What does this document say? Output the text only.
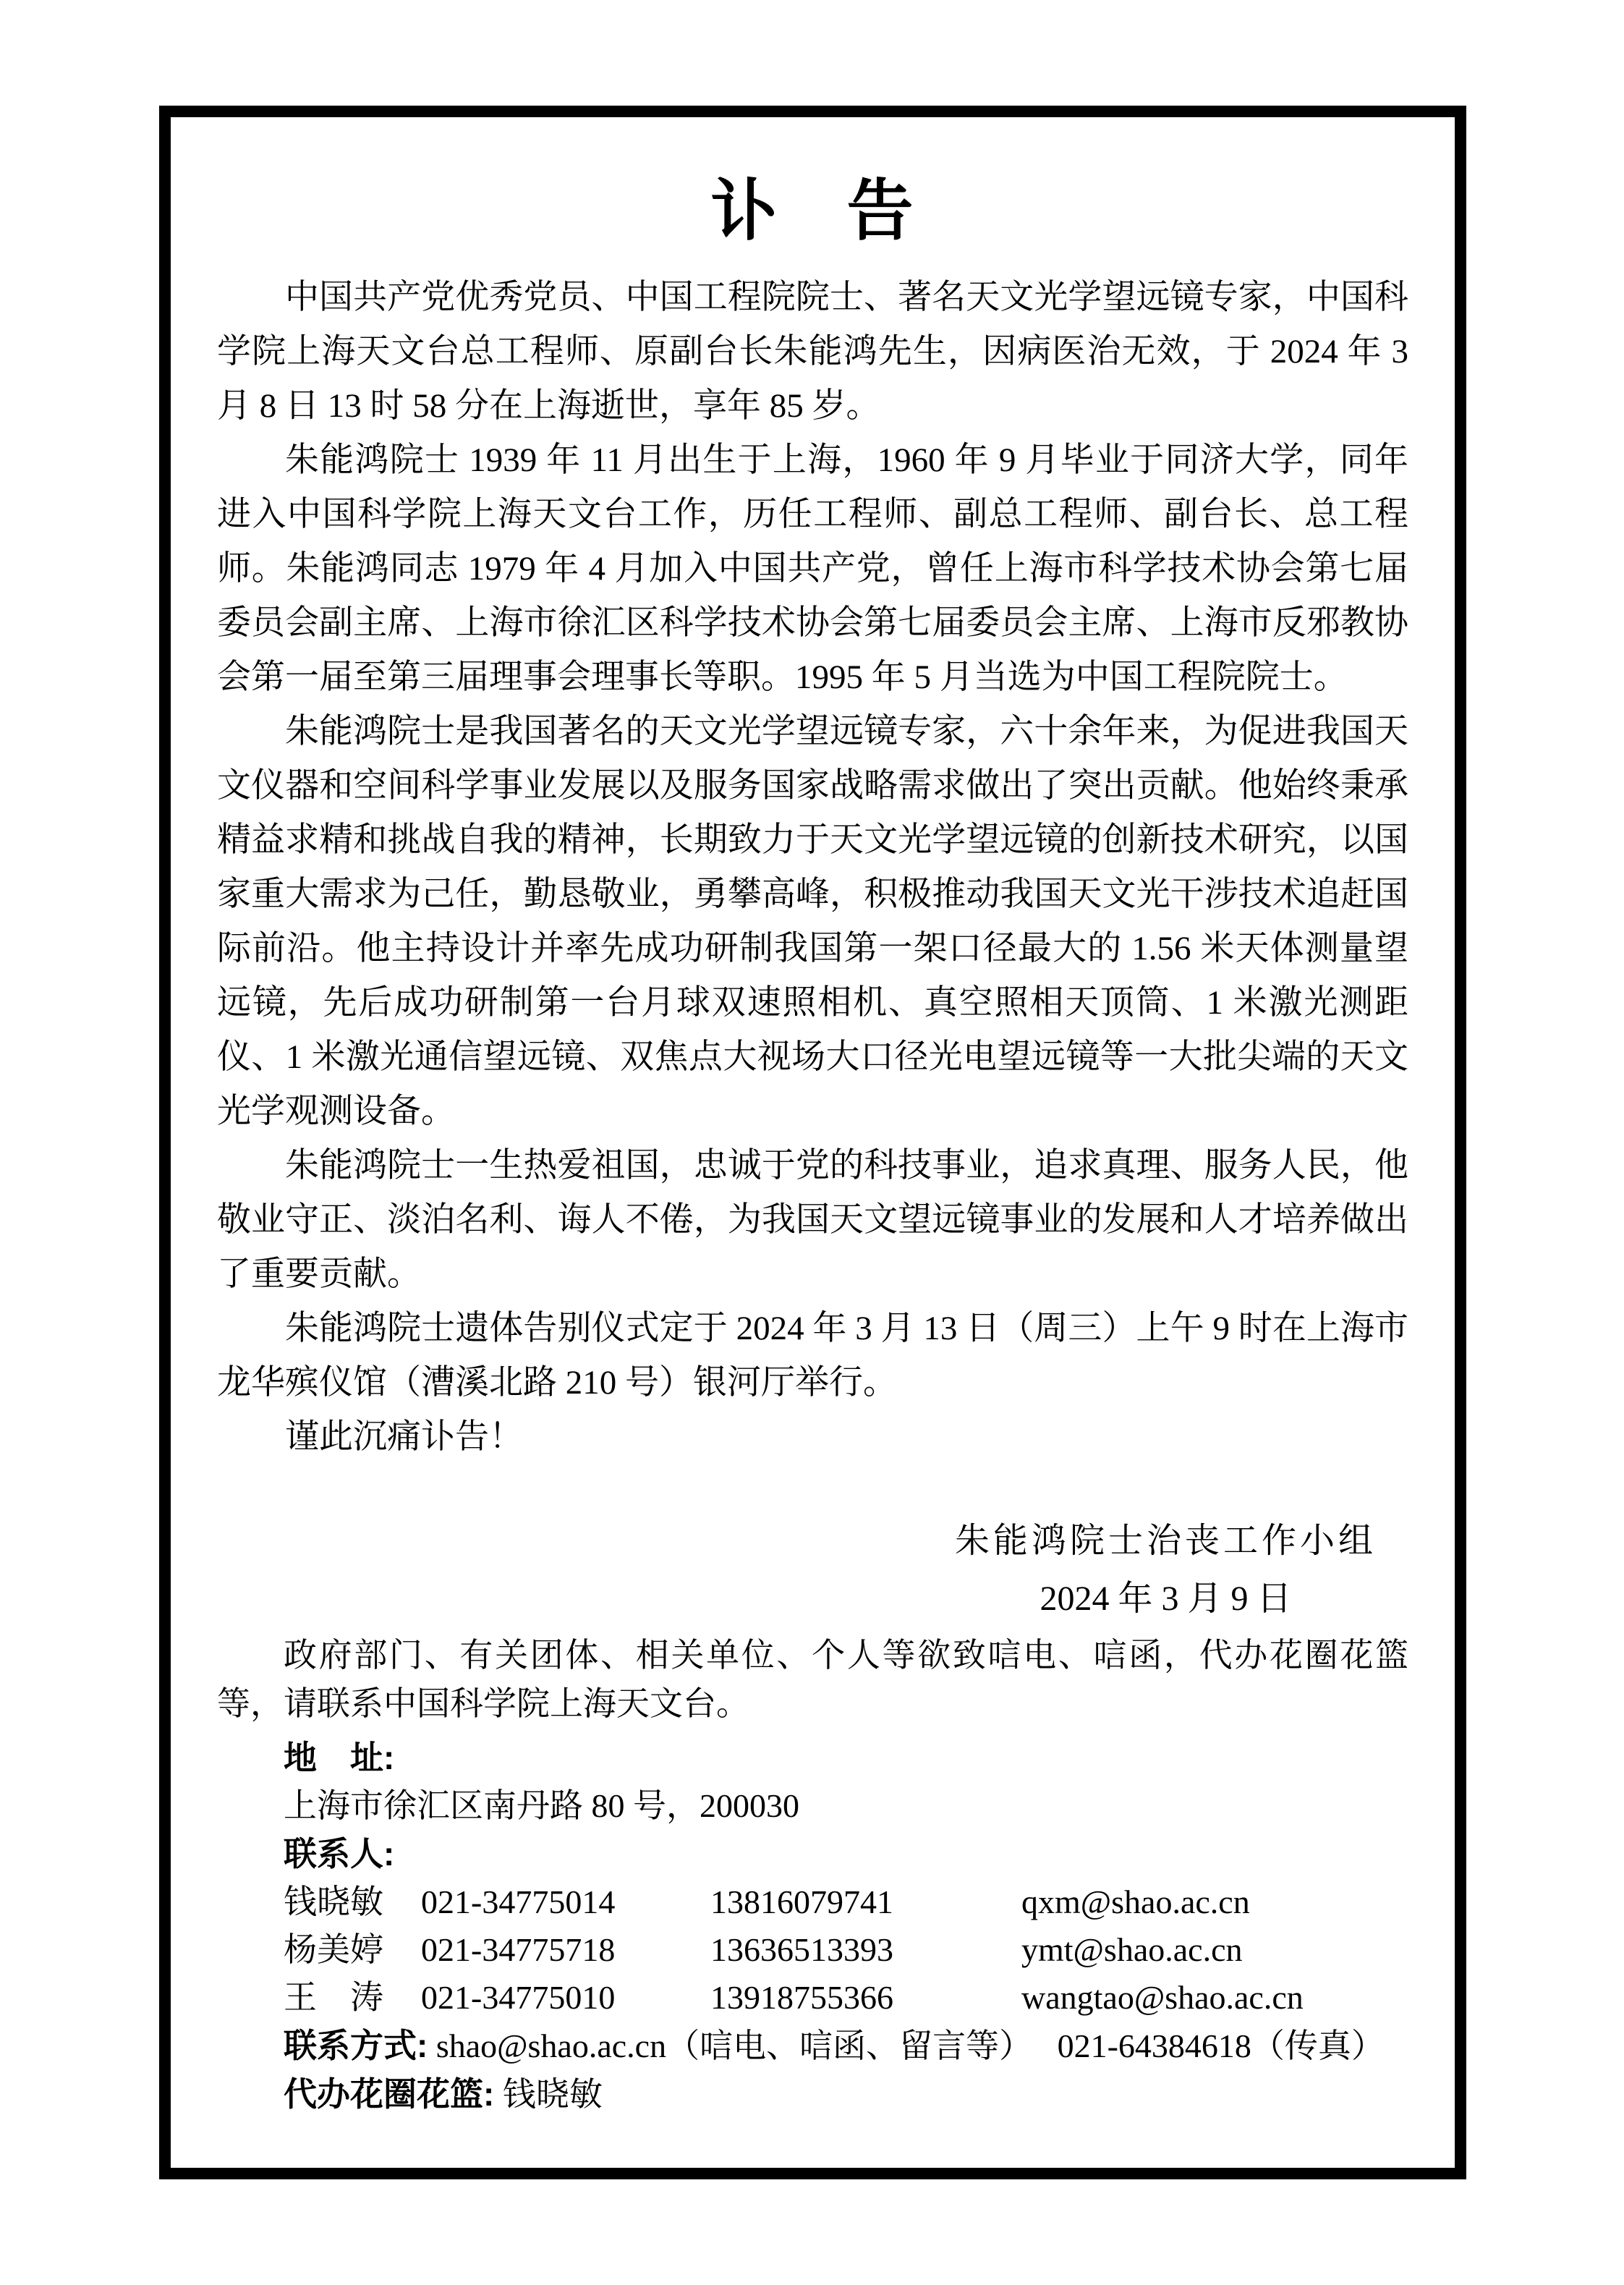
讣　告

中国共产党优秀党员、中国工程院院士、著名天文光学望远镜专家，中国科学院上海天文台总工程师、原副台长朱能鸿先生，因病医治无效，于 2024 年 3 月 8 日 13 时 58 分在上海逝世，享年 85 岁。

朱能鸿院士 1939 年 11 月出生于上海，1960 年 9 月毕业于同济大学，同年进入中国科学院上海天文台工作，历任工程师、副总工程师、副台长、总工程师。朱能鸿同志 1979 年 4 月加入中国共产党，曾任上海市科学技术协会第七届委员会副主席、上海市徐汇区科学技术协会第七届委员会主席、上海市反邪教协会第一届至第三届理事会理事长等职。1995 年 5 月当选为中国工程院院士。

朱能鸿院士是我国著名的天文光学望远镜专家，六十余年来，为促进我国天文仪器和空间科学事业发展以及服务国家战略需求做出了突出贡献。他始终秉承精益求精和挑战自我的精神，长期致力于天文光学望远镜的创新技术研究，以国家重大需求为己任，勤恳敬业，勇攀高峰，积极推动我国天文光干涉技术追赶国际前沿。他主持设计并率先成功研制我国第一架口径最大的 1.56 米天体测量望远镜，先后成功研制第一台月球双速照相机、真空照相天顶筒、1 米激光测距仪、1 米激光通信望远镜、双焦点大视场大口径光电望远镜等一大批尖端的天文光学观测设备。

朱能鸿院士一生热爱祖国，忠诚于党的科技事业，追求真理、服务人民，他敬业守正、淡泊名利、诲人不倦，为我国天文望远镜事业的发展和人才培养做出了重要贡献。

朱能鸿院士遗体告别仪式定于 2024 年 3 月 13 日（周三）上午 9 时在上海市龙华殡仪馆（漕溪北路 210 号）银河厅举行。

谨此沉痛讣告！

朱能鸿院士治丧工作小组
2024 年 3 月 9 日

政府部门、有关团体、相关单位、个人等欲致唁电、唁函，代办花圈花篮等，请联系中国科学院上海天文台。

地　址:

上海市徐汇区南丹路 80 号，200030

联系人:

钱晓敏	021-34775014	13816079741	qxm@shao.ac.cn
杨美婷	021-34775718	13636513393	ymt@shao.ac.cn
王　涛	021-34775010	13918755366	wangtao@shao.ac.cn

联系方式: shao@shao.ac.cn（唁电、唁函、留言等）　 021-64384618（传真）

代办花圈花篮: 钱晓敏
